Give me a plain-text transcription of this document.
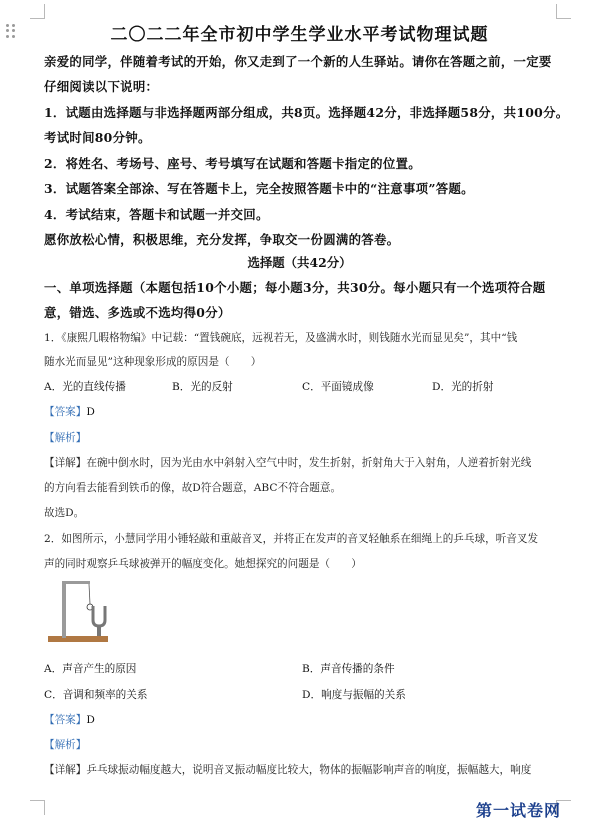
二〇二二年全市初中学生学业水平考试物理试题
亲爱的同学，伴随着考试的开始，你又走到了一个新的人生驿站。请你在答题之前，一定要
仔细阅读以下说明：
1．试题由选择题与非选择题两部分组成，共8页。选择题42分，非选择题58分，共100分。
考试时间80分钟。
2．将姓名、考场号、座号、考号填写在试题和答题卡指定的位置。
3．试题答案全部涂、写在答题卡上，完全按照答题卡中的“注意事项”答题。
4．考试结束，答题卡和试题一并交回。
愿你放松心情，积极思维，充分发挥，争取交一份圆满的答卷。
选择题（共42分）
一、单项选择题（本题包括10个小题；每小题3分，共30分。每小题只有一个选项符合题
意，错选、多选或不选均得0分）
1．《康熙几暇格物编》中记载：“置钱碗底，远视若无，及盛满水时，则钱随水光而显见矣”，其中“钱
随水光而显见”这种现象形成的原因是（　　）
A．光的直线传播	B．光的反射	C．平面镜成像	D．光的折射
【答案】D
【解析】
【详解】在碗中倒水时，因为光由水中斜射入空气中时，发生折射，折射角大于入射角，人逆着折射光线
的方向看去能看到铁币的像，故D符合题意，ABC不符合题意。
故选D。
2．如图所示，小慧同学用小锤轻敲和重敲音叉，并将正在发声的音叉轻触系在细绳上的乒乓球，听音叉发
声的同时观察乒乓球被弹开的幅度变化。她想探究的问题是（　　）
A．声音产生的原因	B．声音传播的条件
C．音调和频率的关系	D．响度与振幅的关系
【答案】D
【解析】
【详解】乒乓球振动幅度越大，说明音叉振动幅度比较大，物体的振幅影响声音的响度，振幅越大，响度
第一试卷网
